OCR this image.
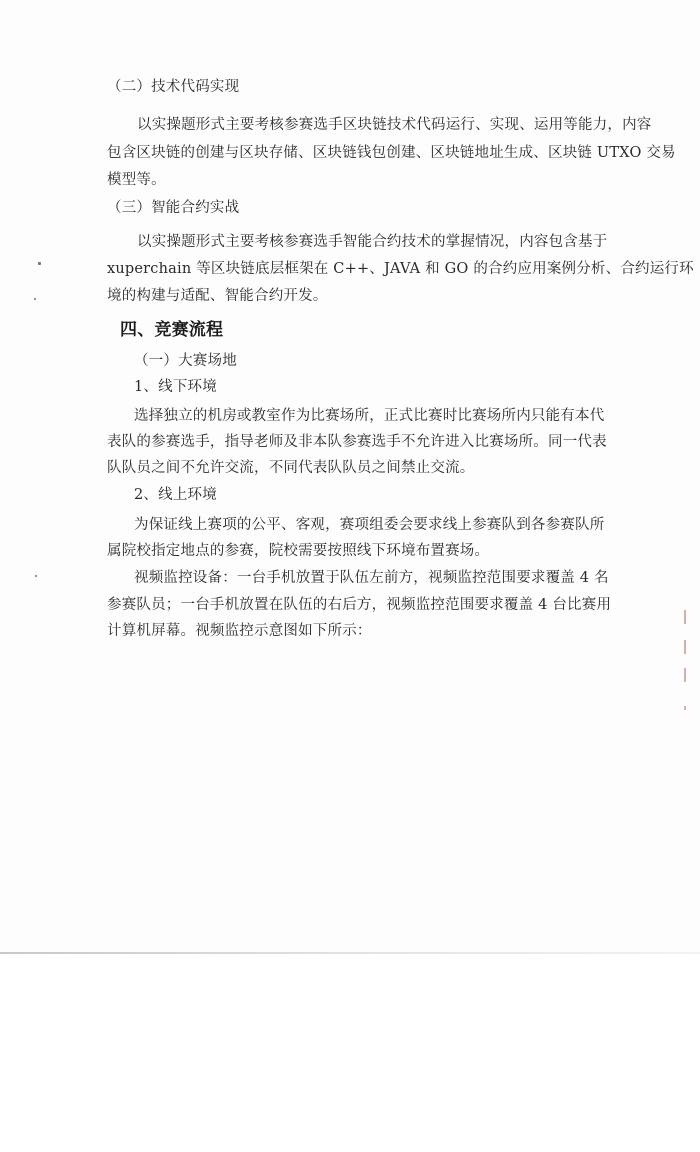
（二）技术代码实现
以实操题形式主要考核参赛选手区块链技术代码运行、实现、运用等能力，内容
包含区块链的创建与区块存储、区块链钱包创建、区块链地址生成、区块链 UTXO 交易
模型等。
（三）智能合约实战
以实操题形式主要考核参赛选手智能合约技术的掌握情况，内容包含基于
xuperchain 等区块链底层框架在 C++、JAVA 和 GO 的合约应用案例分析、合约运行环
境的构建与适配、智能合约开发。
四、竞赛流程
（一）大赛场地
1、线下环境
选择独立的机房或教室作为比赛场所，正式比赛时比赛场所内只能有本代
表队的参赛选手，指导老师及非本队参赛选手不允许进入比赛场所。同一代表
队队员之间不允许交流，不同代表队队员之间禁止交流。
2、线上环境
为保证线上赛项的公平、客观，赛项组委会要求线上参赛队到各参赛队所
属院校指定地点的参赛，院校需要按照线下环境布置赛场。
视频监控设备：一台手机放置于队伍左前方，视频监控范围要求覆盖 4 名
参赛队员；一台手机放置在队伍的右后方，视频监控范围要求覆盖 4 台比赛用
计算机屏幕。视频监控示意图如下所示：
